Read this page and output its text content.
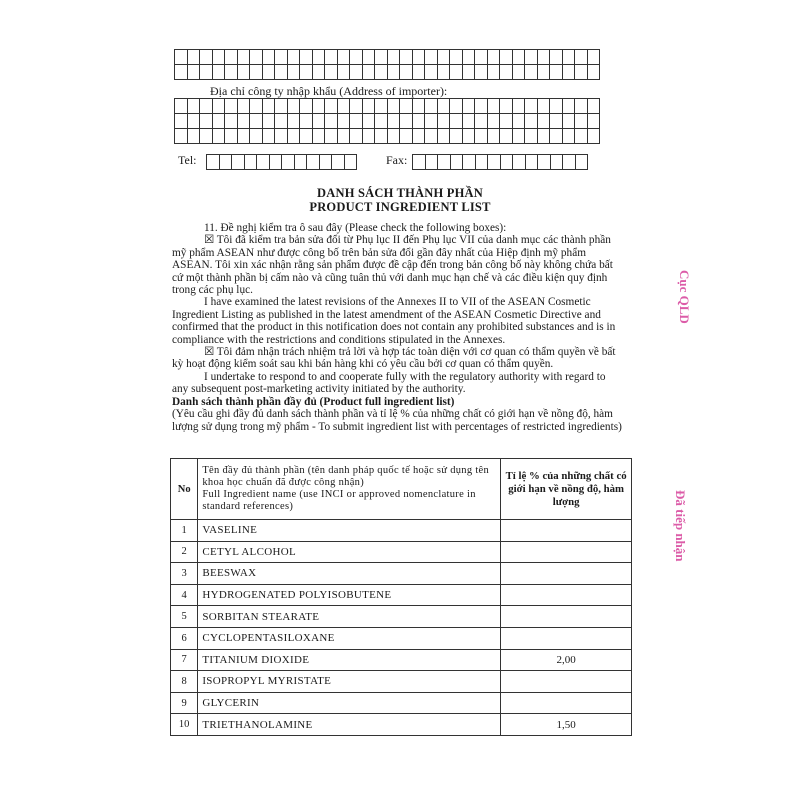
Địa chỉ công ty nhập khẩu (Address of importer):
Tel:	Fax:
DANH SÁCH THÀNH PHẦN
PRODUCT INGREDIENT LIST
11. Đề nghị kiểm tra ô sau đây (Please check the following boxes):
☒ Tôi đã kiểm tra bản sửa đổi từ Phụ lục II đến Phụ lục VII của danh mục các thành phần
mỹ phẩm ASEAN như được công bố trên bản sửa đổi gần đây nhất của Hiệp định mỹ phẩm
ASEAN. Tôi xin xác nhận rằng sản phẩm được đề cập đến trong bản công bố này không chứa bất
cứ một thành phần bị cấm nào và cũng tuân thủ với danh mục hạn chế và các điều kiện quy định
trong các phụ lục.
I have examined the latest revisions of the Annexes II to VII of the ASEAN Cosmetic
Ingredient Listing as published in the latest amendment of the ASEAN Cosmetic Directive and
confirmed that the product in this notification does not contain any prohibited substances and is in
compliance with the restrictions and conditions stipulated in the Annexes.
☒ Tôi đảm nhận trách nhiệm trả lời và hợp tác toàn diện với cơ quan có thẩm quyền về bất
kỳ hoạt động kiểm soát sau khi bán hàng khi có yêu cầu bởi cơ quan có thẩm quyền.
I undertake to respond to and cooperate fully with the regulatory authority with regard to
any subsequent post-marketing activity initiated by the authority.
Danh sách thành phần đầy đủ (Product full ingredient list)
(Yêu cầu ghi đầy đủ danh sách thành phần và tỉ lệ % của những chất có giới hạn về nồng độ, hàm
lượng sử dụng trong mỹ phẩm - To submit ingredient list with percentages of restricted ingredients)
No	Tên đầy đủ thành phần (tên danh pháp quốc tế hoặc sử dụng tên khoa học chuẩn đã được công nhận)
Full Ingredient name (use INCI or approved nomenclature in standard references)	Tỉ lệ % của những chất có giới hạn về nồng độ, hàm lượng
1	VASELINE	
2	CETYL ALCOHOL	
3	BEESWAX	
4	HYDROGENATED POLYISOBUTENE	
5	SORBITAN STEARATE	
6	CYCLOPENTASILOXANE	
7	TITANIUM DIOXIDE	2,00
8	ISOPROPYL MYRISTATE	
9	GLYCERIN	
10	TRIETHANOLAMINE	1,50
Cục QLD
Đã tiếp nhận
